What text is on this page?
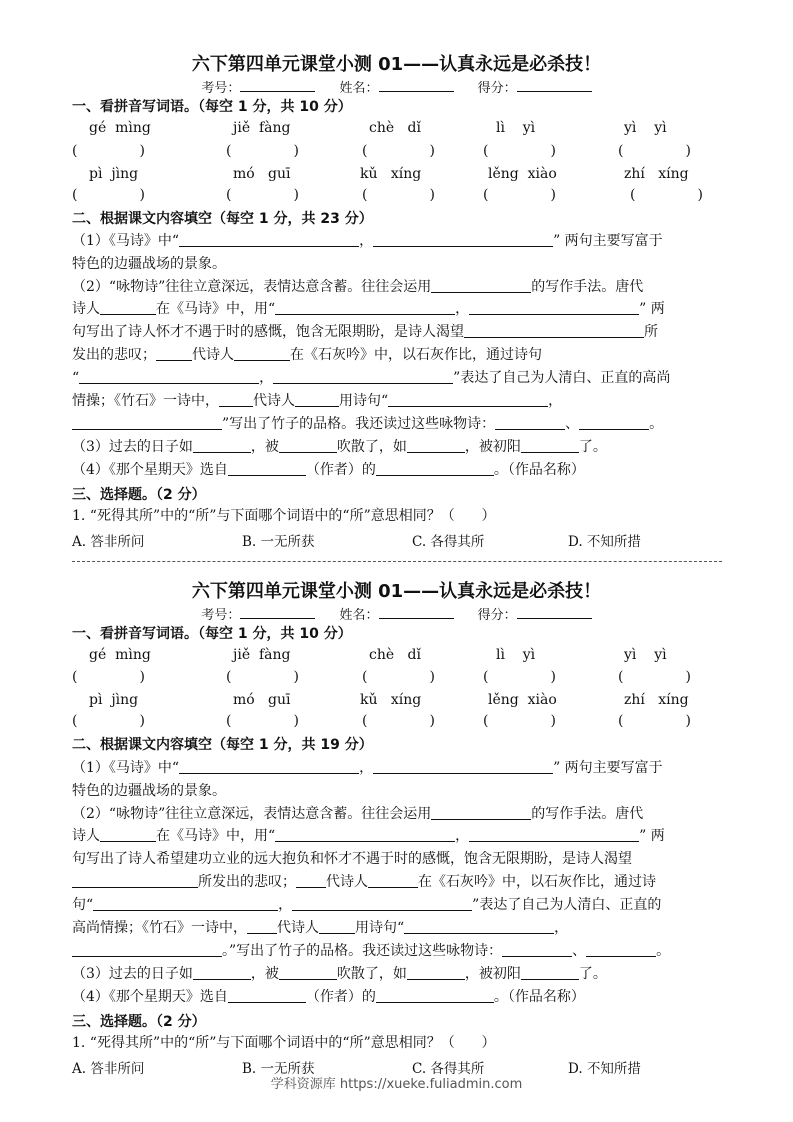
六下第四单元课堂小测 01——认真永远是必杀技！
考号：	姓名：	得分：
一、看拼音写词语。（每空 1 分，共 10 分）
gé  mìng	jiě  fàng	chè   dǐ	lì    yì	yì    yì
(	)	(	)	(	)	(	)	(	)
pì  jìng	mó   guī	kǔ   xíng	lěng  xiào	zhí   xíng
(	)	(	)	(	)	(	)	(	)
二、根据课文内容填空（每空 1 分，共 23 分）
（1）《马诗》中“	，	” 两句主要写富于
特色的边疆战场的景象。
（2）“咏物诗”往往立意深远，表情达意含蓄。往往会运用	的写作手法。唐代
诗人	在《马诗》中，用“	，	” 两
句写出了诗人怀才不遇于时的感慨，饱含无限期盼，是诗人渴望	所
发出的悲叹；	代诗人	在《石灰吟》中，以石灰作比，通过诗句
“	，	”表达了自己为人清白、正直的高尚
情操；《竹石》一诗中， 代诗人	用诗句“	，
”写出了竹子的品格。我还读过这些咏物诗：	、	。
（3）过去的日子如	，被	吹散了，如	，被初阳	了。
（4）《那个星期天》选自	（作者）的	。（作品名称）
三、选择题。（2 分）
1. “死得其所”中的“所”与下面哪个词语中的“所”意思相同？（      ）
A. 答非所问	B. 一无所获	C. 各得其所	D. 不知所措
六下第四单元课堂小测 01——认真永远是必杀技！
考号：	姓名：	得分：
一、看拼音写词语。（每空 1 分，共 10 分）
gé  mìng	jiě  fàng	chè   dǐ	lì    yì	yì    yì
(	)	(	)	(	)	(	)	(	)
pì  jìng	mó   guī	kǔ   xíng	lěng  xiào	zhí   xíng
(	)	(	)	(	)	(	)	(	)
二、根据课文内容填空（每空 1 分，共 19 分）
（1）《马诗》中“	，	” 两句主要写富于
特色的边疆战场的景象。
（2）“咏物诗”往往立意深远，表情达意含蓄。往往会运用	的写作手法。唐代
诗人	在《马诗》中，用“	，	” 两
句写出了诗人希望建功立业的远大抱负和怀才不遇于时的感慨，饱含无限期盼，是诗人渴望
所发出的悲叹； 代诗人	在《石灰吟》中，以石灰作比，通过诗
句“	，	”表达了自己为人清白、正直的
高尚情操；《竹石》一诗中， 代诗人	用诗句“	，
。”写出了竹子的品格。我还读过这些咏物诗：	、	。
（3）过去的日子如	，被	吹散了，如	，被初阳	了。
（4）《那个星期天》选自	（作者）的	。（作品名称）
三、选择题。（2 分）
1. “死得其所”中的“所”与下面哪个词语中的“所”意思相同？（      ）
A. 答非所问	B. 一无所获	C. 各得其所	D. 不知所措
学科资源库 https://xueke.fuliadmin.com
